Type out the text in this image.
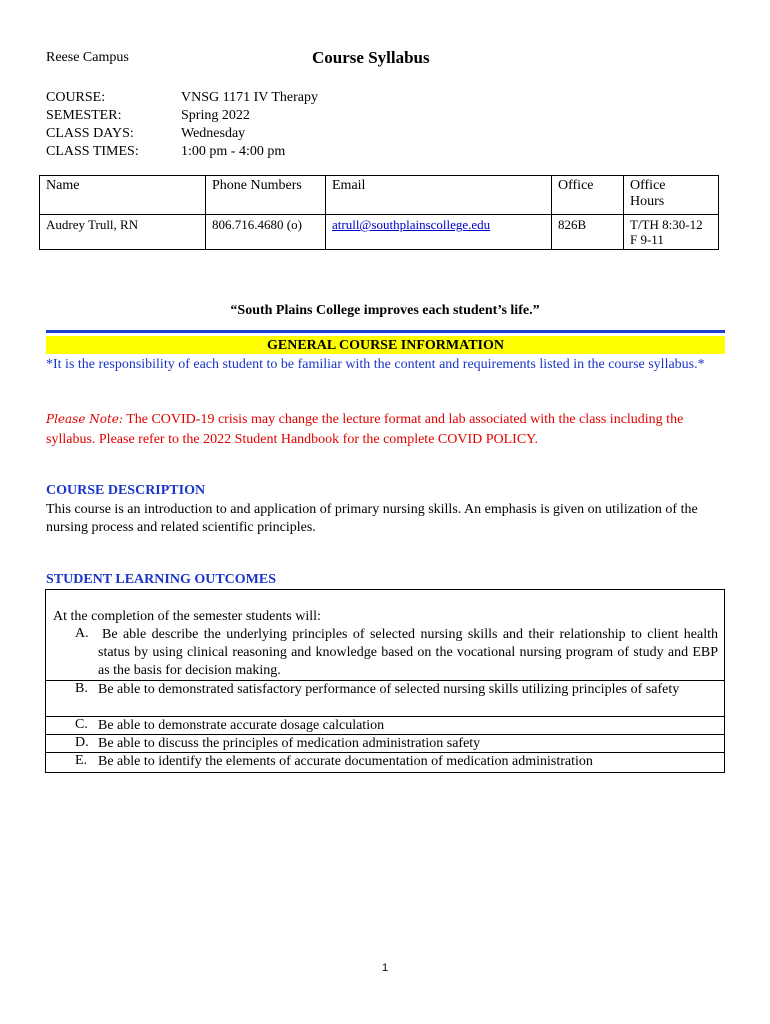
Reese Campus	Course Syllabus
COURSE:	VNSG 1171 IV Therapy
SEMESTER:	Spring 2022
CLASS DAYS:	Wednesday
CLASS TIMES:	1:00 pm - 4:00 pm
Name	Phone Numbers	Email	Office	Office
Hours

Audrey Trull, RN	806.716.4680 (o)	atrull@southplainscollege.edu	826B	T/TH 8:30-12
F 9-11
“South Plains College improves each student’s life.”
GENERAL COURSE INFORMATION
*It is the responsibility of each student to be familiar with the content and requirements listed in the course syllabus.*
Please Note: The COVID-19 crisis may change the lecture format and lab associated with the class including the syllabus. Please refer to the 2022 Student Handbook for the complete COVID POLICY.
COURSE DESCRIPTION
This course is an introduction to and application of primary nursing skills. An emphasis is given on utilization of the nursing process and related scientific principles.
STUDENT LEARNING OUTCOMES
At the completion of the semester students will:
A. Be able describe the underlying principles of selected nursing skills and their relationship to client health status by using clinical reasoning and knowledge based on the vocational nursing program of study and EBP as the basis for decision making.
B. Be able to demonstrated satisfactory performance of selected nursing skills utilizing principles of safety
C. Be able to demonstrate accurate dosage calculation
D. Be able to discuss the principles of medication administration safety
E. Be able to identify the elements of accurate documentation of medication administration
1
